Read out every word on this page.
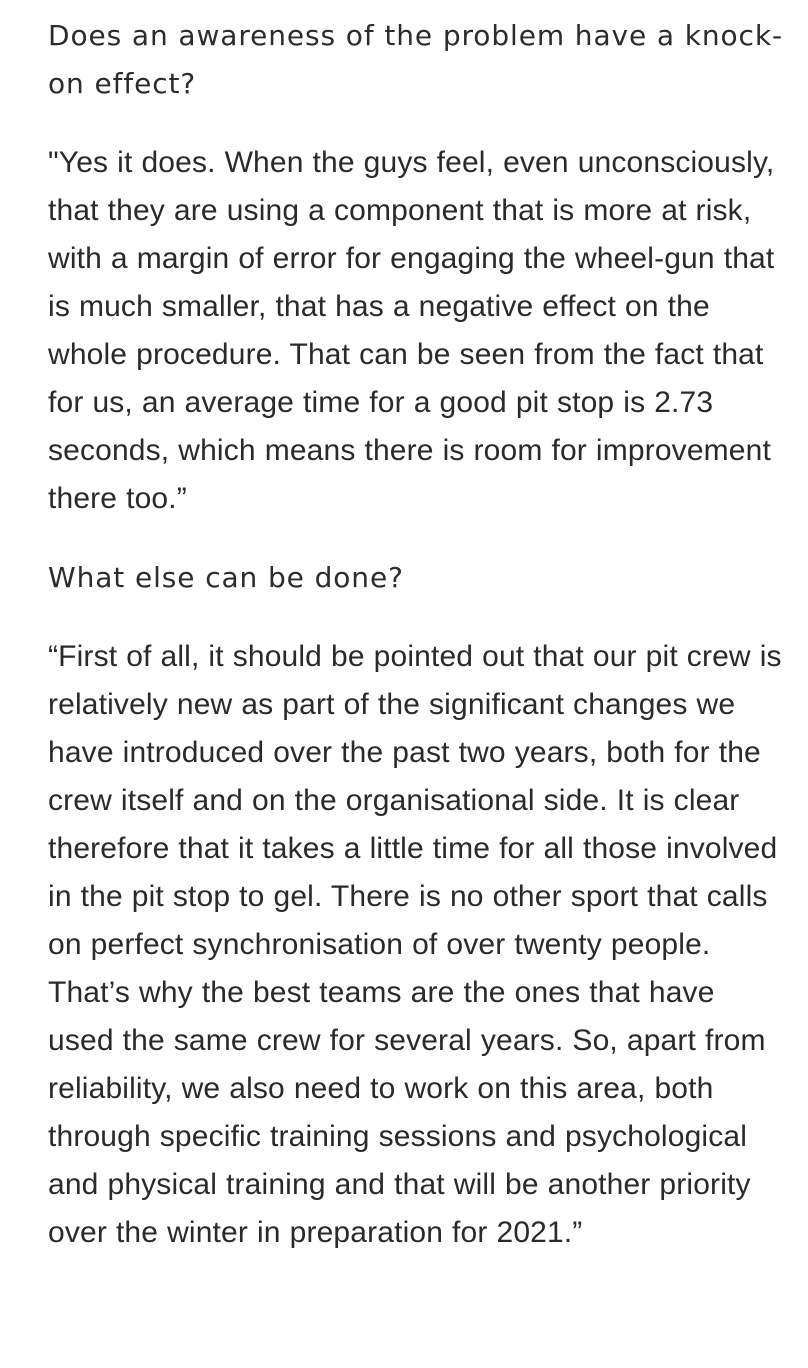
Does an awareness of the problem have a knock-on effect?

"Yes it does. When the guys feel, even unconsciously, that they are using a component that is more at risk, with a margin of error for engaging the wheel-gun that is much smaller, that has a negative effect on the whole procedure. That can be seen from the fact that for us, an average time for a good pit stop is 2.73 seconds, which means there is room for improvement there too.”

What else can be done?

“First of all, it should be pointed out that our pit crew is relatively new as part of the significant changes we have introduced over the past two years, both for the crew itself and on the organisational side. It is clear therefore that it takes a little time for all those involved in the pit stop to gel. There is no other sport that calls on perfect synchronisation of over twenty people. That’s why the best teams are the ones that have used the same crew for several years. So, apart from reliability, we also need to work on this area, both through specific training sessions and psychological and physical training and that will be another priority over the winter in preparation for 2021.”
